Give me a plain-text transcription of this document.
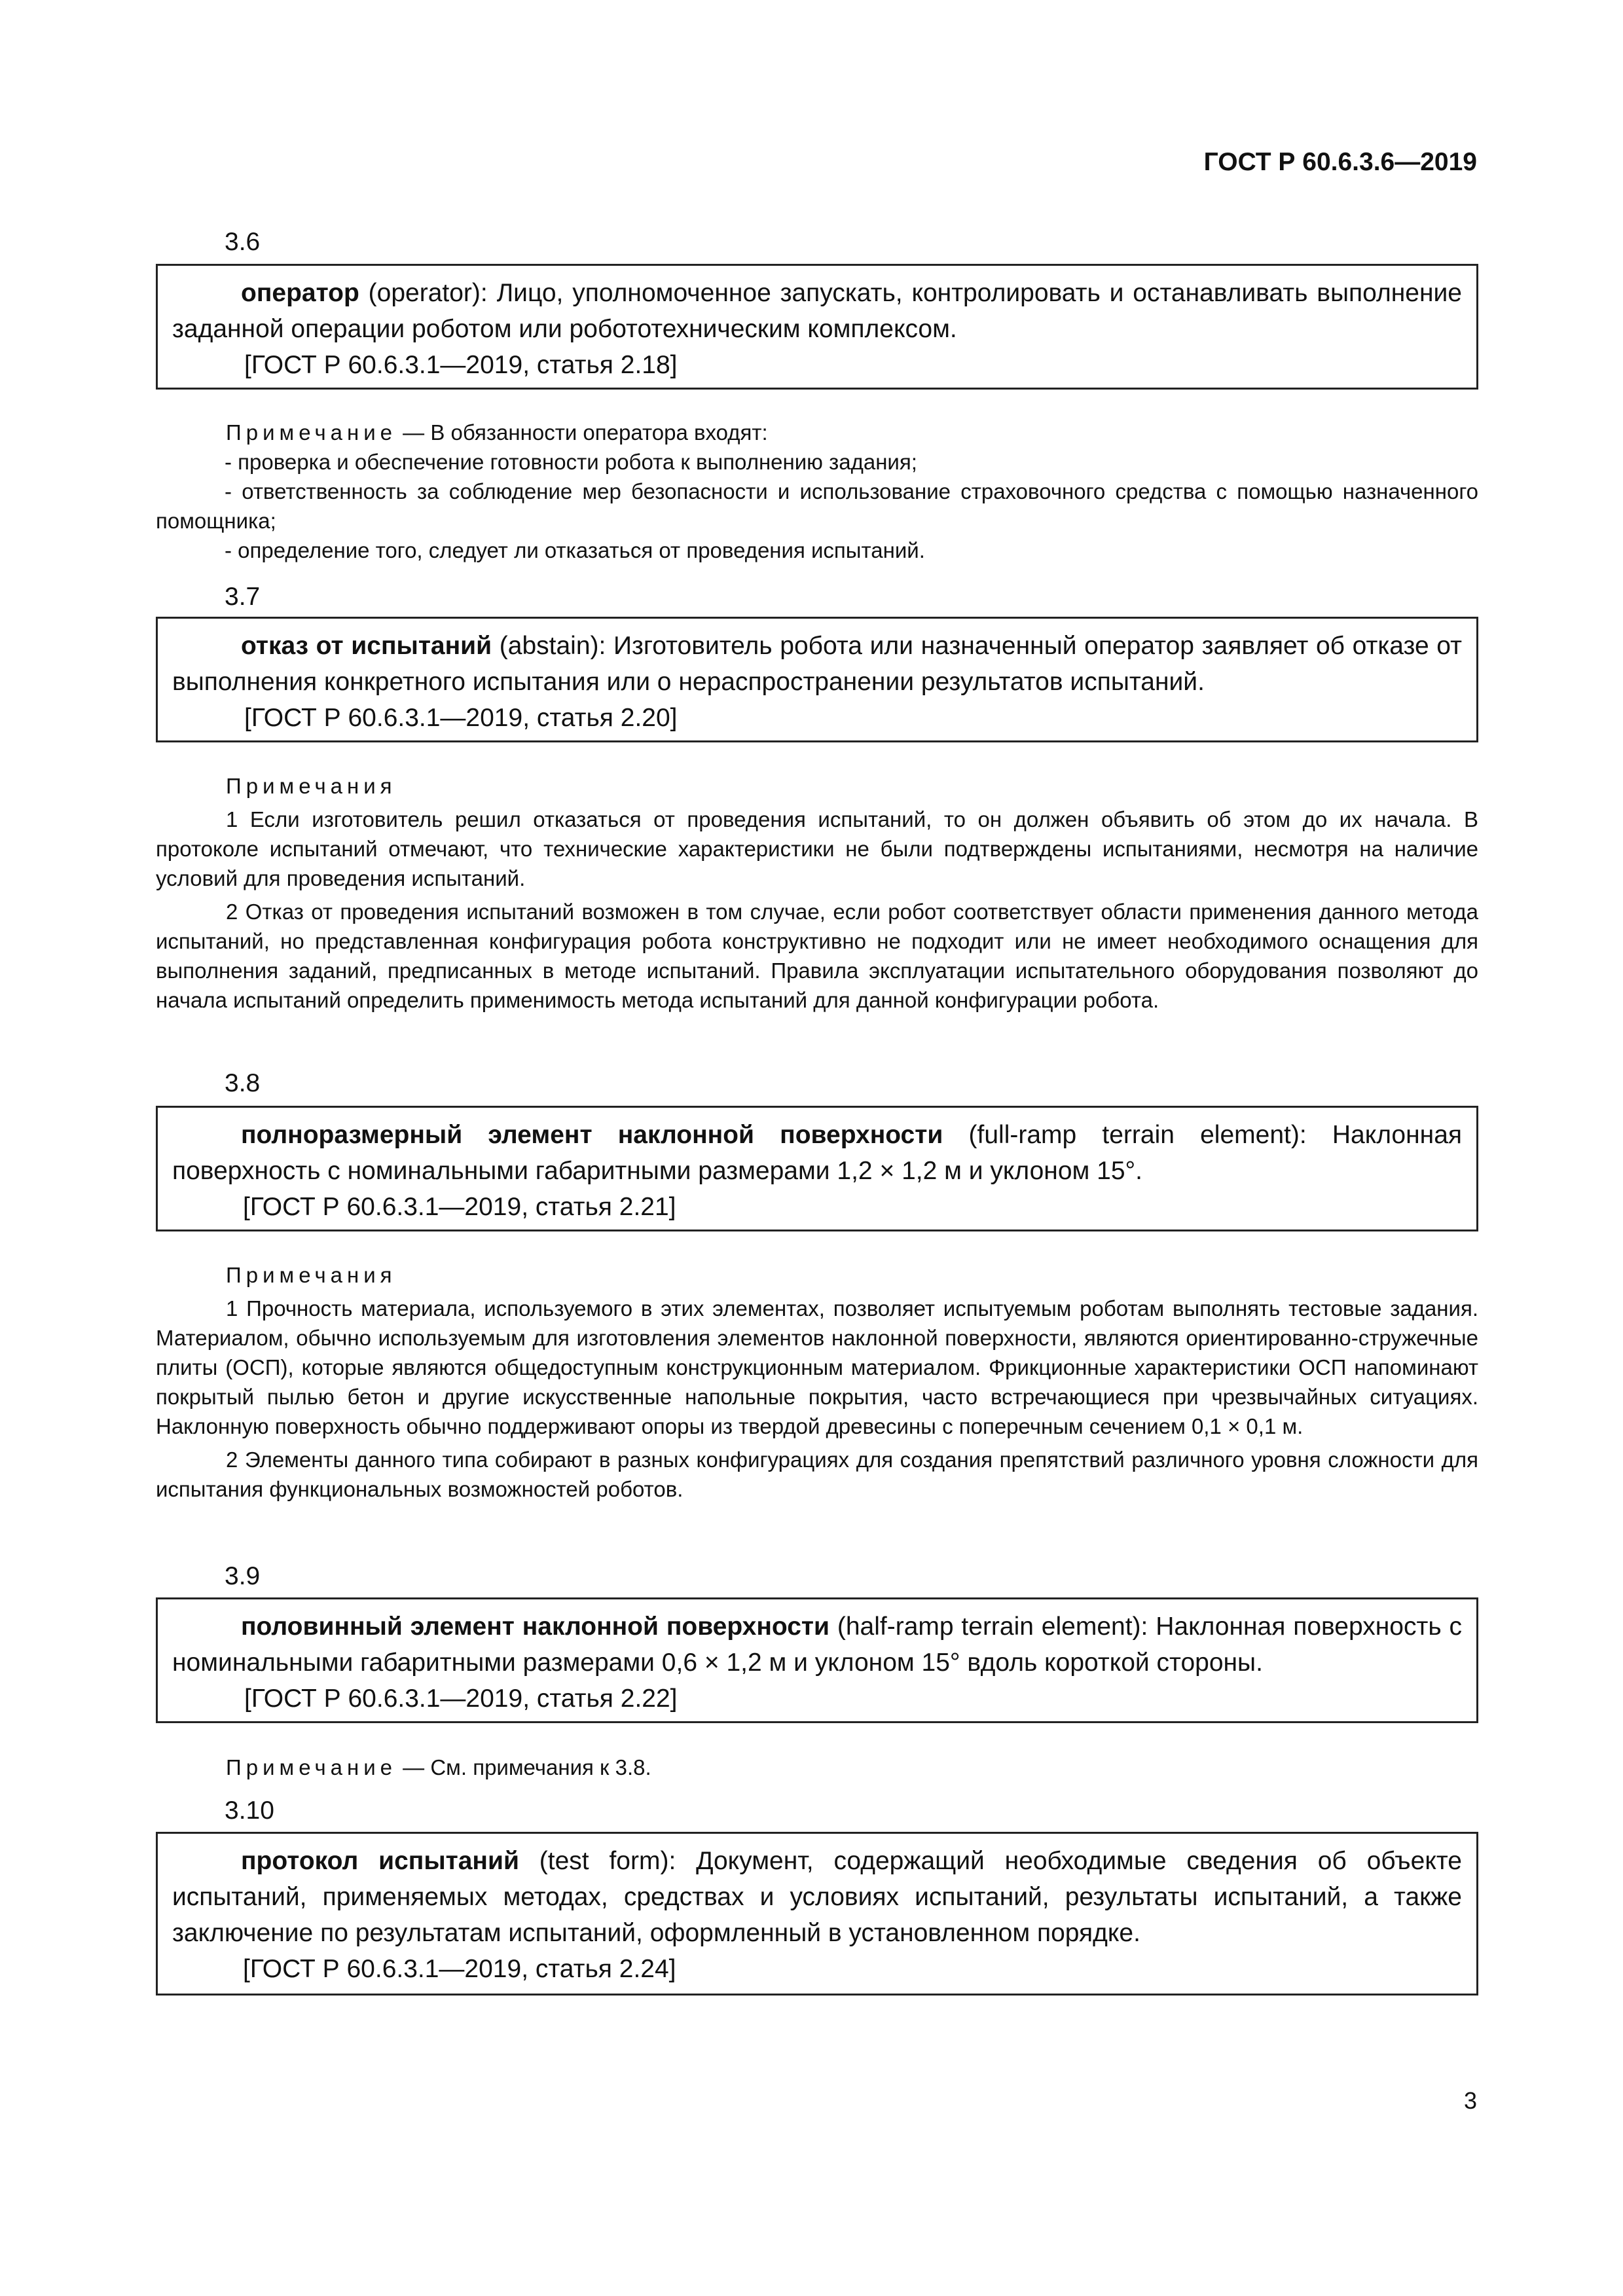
ГОСТ Р 60.6.3.6—2019
3.6

оператор (operator): Лицо, уполномоченное запускать, контролировать и останавливать выполнение заданной операции роботом или робототехническим комплексом.

[ГОСТ Р 60.6.3.1—2019, статья 2.18]

Примечание — В обязанности оператора входят:

- проверка и обеспечение готовности робота к выполнению задания;

- ответственность за соблюдение мер безопасности и использование страховочного средства с помощью назначенного помощника;

- определение того, следует ли отказаться от проведения испытаний.

3.7

отказ от испытаний (abstain): Изготовитель робота или назначенный оператор заявляет об отказе от выполнения конкретного испытания или о нераспространении результатов испытаний.

[ГОСТ Р 60.6.3.1—2019, статья 2.20]

Примечания

1 Если изготовитель решил отказаться от проведения испытаний, то он должен объявить об этом до их начала. В протоколе испытаний отмечают, что технические характеристики не были подтверждены испытаниями, несмотря на наличие условий для проведения испытаний.

2 Отказ от проведения испытаний возможен в том случае, если робот соответствует области применения данного метода испытаний, но представленная конфигурация робота конструктивно не подходит или не имеет необходимого оснащения для выполнения заданий, предписанных в методе испытаний. Правила эксплуатации испытательного оборудования позволяют до начала испытаний определить применимость метода испытаний для данной конфигурации робота.

3.8

полноразмерный элемент наклонной поверхности (full-ramp terrain element): Наклонная поверхность с номинальными габаритными размерами 1,2 × 1,2 м и уклоном 15°.

[ГОСТ Р 60.6.3.1—2019, статья 2.21]

Примечания

1 Прочность материала, используемого в этих элементах, позволяет испытуемым роботам выполнять тестовые задания. Материалом, обычно используемым для изготовления элементов наклонной поверхности, являются ориентированно-стружечные плиты (ОСП), которые являются общедоступным конструкционным материалом. Фрикционные характеристики ОСП напоминают покрытый пылью бетон и другие искусственные напольные покрытия, часто встречающиеся при чрезвычайных ситуациях. Наклонную поверхность обычно поддерживают опоры из твердой древесины с поперечным сечением 0,1 × 0,1 м.

2 Элементы данного типа собирают в разных конфигурациях для создания препятствий различного уровня сложности для испытания функциональных возможностей роботов.

3.9

половинный элемент наклонной поверхности (half-ramp terrain element): Наклонная поверхность с номинальными габаритными размерами 0,6 × 1,2 м и уклоном 15° вдоль короткой стороны.

[ГОСТ Р 60.6.3.1—2019, статья 2.22]

Примечание — См. примечания к 3.8.

3.10

протокол испытаний (test form): Документ, содержащий необходимые сведения об объекте испытаний, применяемых методах, средствах и условиях испытаний, результаты испытаний, а также заключение по результатам испытаний, оформленный в установленном порядке.

[ГОСТ Р 60.6.3.1—2019, статья 2.24]
3
